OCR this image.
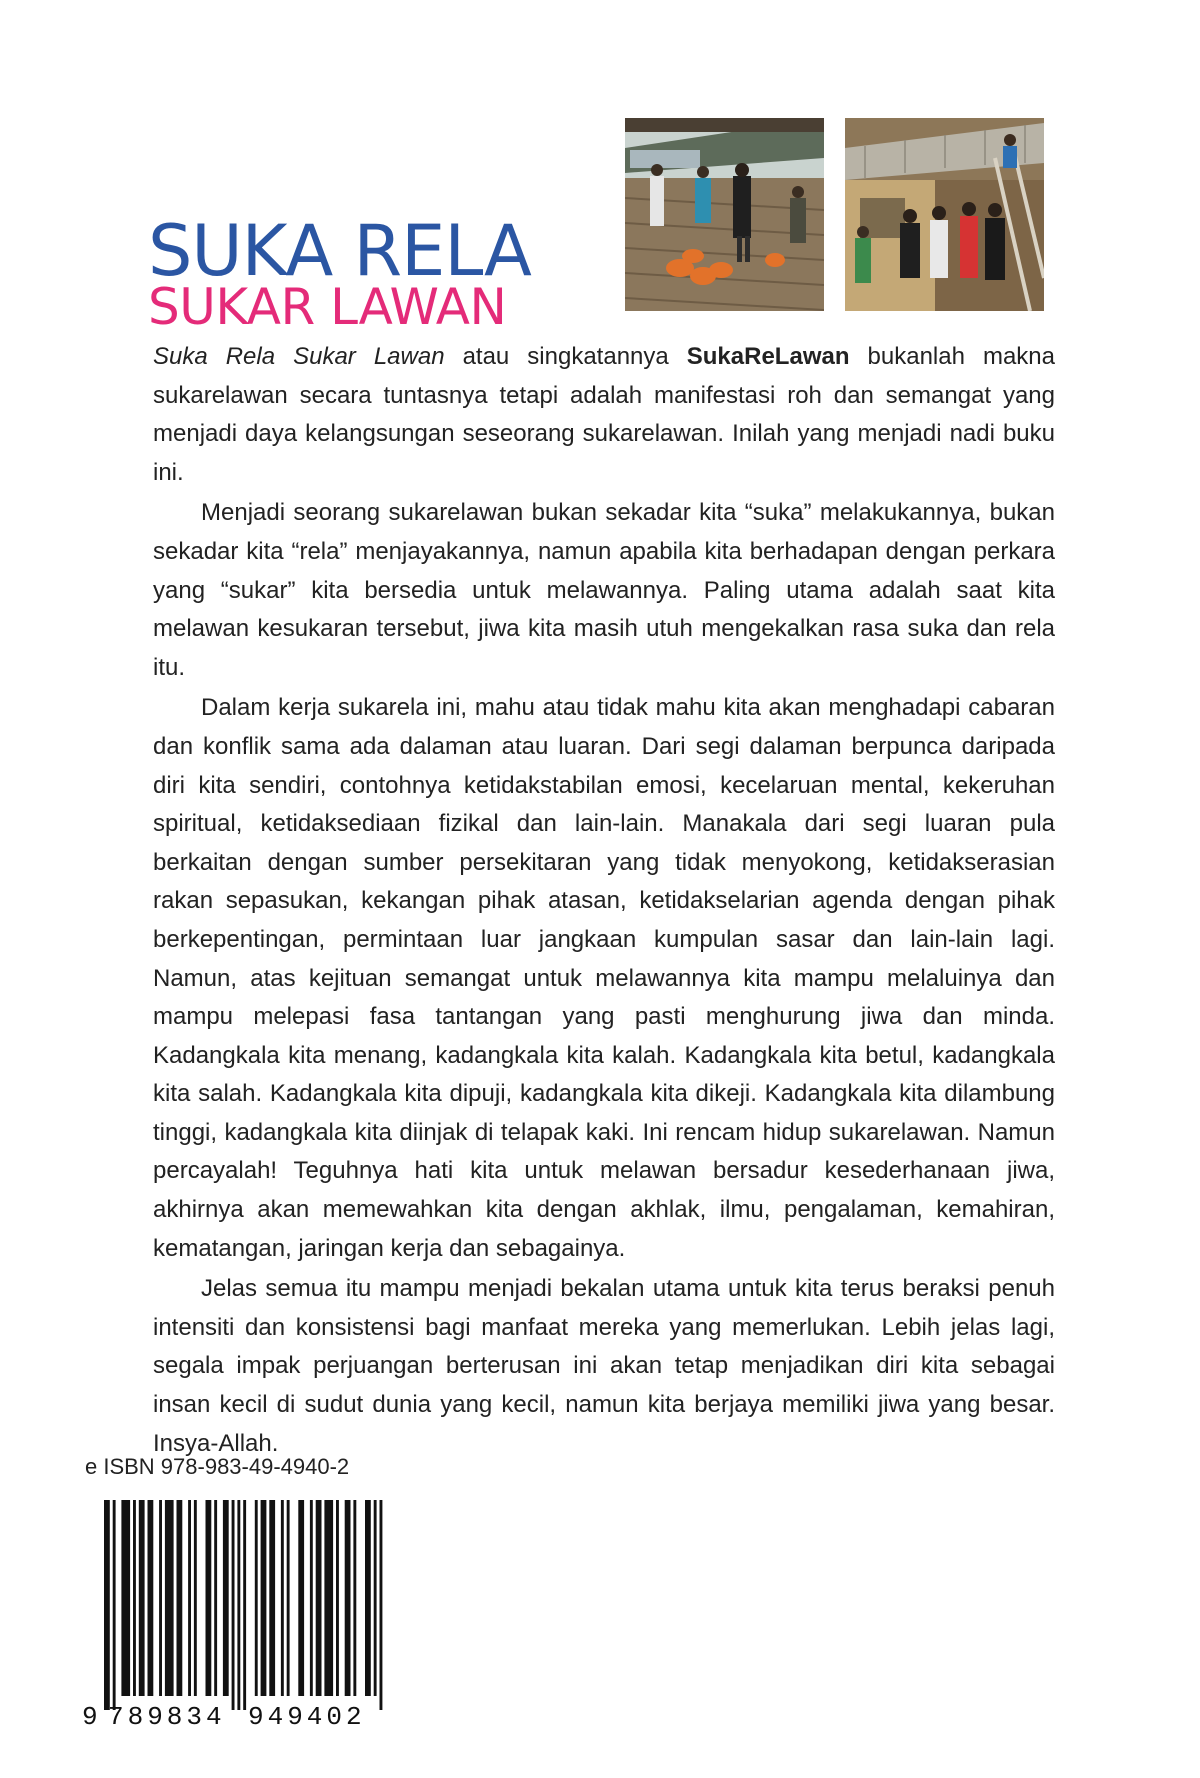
SUKA RELA
SUKAR LAWAN

Suka Rela Sukar Lawan atau singkatannya SukaReLawan bukanlah makna sukarelawan secara tuntasnya tetapi adalah manifestasi roh dan semangat yang menjadi daya kelangsungan seseorang sukarelawan. Inilah yang menjadi nadi buku ini.

Menjadi seorang sukarelawan bukan sekadar kita “suka” melakukannya, bukan sekadar kita “rela” menjayakannya, namun apabila kita berhadapan dengan perkara yang “sukar” kita bersedia untuk melawannya. Paling utama adalah saat kita melawan kesukaran tersebut, jiwa kita masih utuh mengekalkan rasa suka dan rela itu.

Dalam kerja sukarela ini, mahu atau tidak mahu kita akan menghadapi cabaran dan konflik sama ada dalaman atau luaran. Dari segi dalaman berpunca daripada diri kita sendiri, contohnya ketidakstabilan emosi, kecelaruan mental, kekeruhan spiritual, ketidaksediaan fizikal dan lain-lain. Manakala dari segi luaran pula berkaitan dengan sumber persekitaran yang tidak menyokong, ketidakserasian rakan sepasukan, kekangan pihak atasan, ketidakselarian agenda dengan pihak berkepentingan, permintaan luar jangkaan kumpulan sasar dan lain-lain lagi. Namun, atas kejituan semangat untuk melawannya kita mampu melaluinya dan mampu melepasi fasa tantangan yang pasti menghurung jiwa dan minda. Kadangkala kita menang, kadangkala kita kalah. Kadangkala kita betul, kadangkala kita salah. Kadangkala kita dipuji, kadangkala kita dikeji. Kadangkala kita dilambung tinggi, kadangkala kita diinjak di telapak kaki. Ini rencam hidup sukarelawan. Namun percayalah! Teguhnya hati kita untuk melawan bersadur kesederhanaan jiwa, akhirnya akan memewahkan kita dengan akhlak, ilmu, pengalaman, kemahiran, kematangan, jaringan kerja dan sebagainya.

Jelas semua itu mampu menjadi bekalan utama untuk kita terus beraksi penuh intensiti dan konsistensi bagi manfaat mereka yang memerlukan. Lebih jelas lagi, segala impak perjuangan berterusan ini akan tetap menjadikan diri kita sebagai insan kecil di sudut dunia yang kecil, namun kita berjaya memiliki jiwa yang besar. Insya-Allah.

e ISBN 978-983-49-4940-2
9 789834 949402
